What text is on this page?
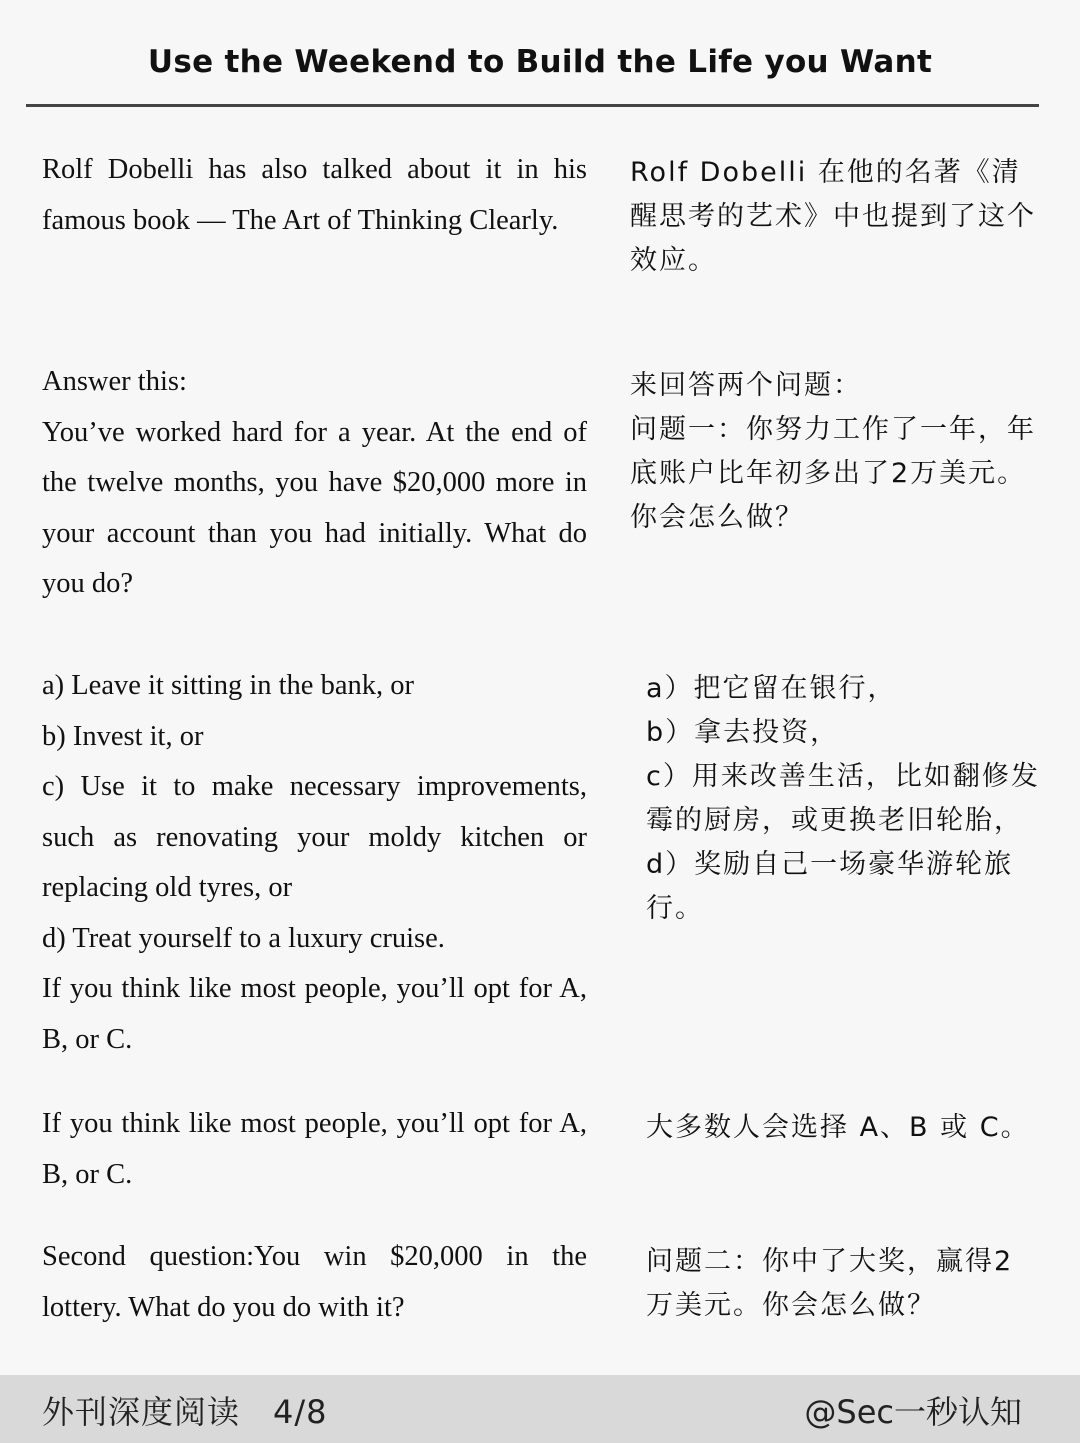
Use the Weekend to Build the Life you Want

Rolf Dobelli has also talked about it in his famous book — The Art of Thinking Clearly.

Rolf Dobelli 在他的名著《清醒思考的艺术》中也提到了这个效应。

Answer this:

You’ve worked hard for a year. At the end of the twelve months, you have $20,000 more in your account than you had initially. What do you do?

来回答两个问题：

问题一：你努力工作了一年，年底账户比年初多出了2万美元。你会怎么做？

a) Leave it sitting in the bank, or

b) Invest it, or

c) Use it to make necessary improvements, such as renovating your moldy kitchen or replacing old tyres, or

d) Treat yourself to a luxury cruise.

If you think like most people, you’ll opt for A, B, or C.

a）把它留在银行，

b）拿去投资，

c）用来改善生活，比如翻修发霉的厨房，或更换老旧轮胎，

d）奖励自己一场豪华游轮旅行。

If you think like most people, you’ll opt for A, B, or C.

大多数人会选择 A、B 或 C。

Second question:You win $20,000 in the lottery. What do you do with it?

问题二：你中了大奖，赢得2万美元。你会怎么做？

外刊深度阅读　4/8	@Sec一秒认知
